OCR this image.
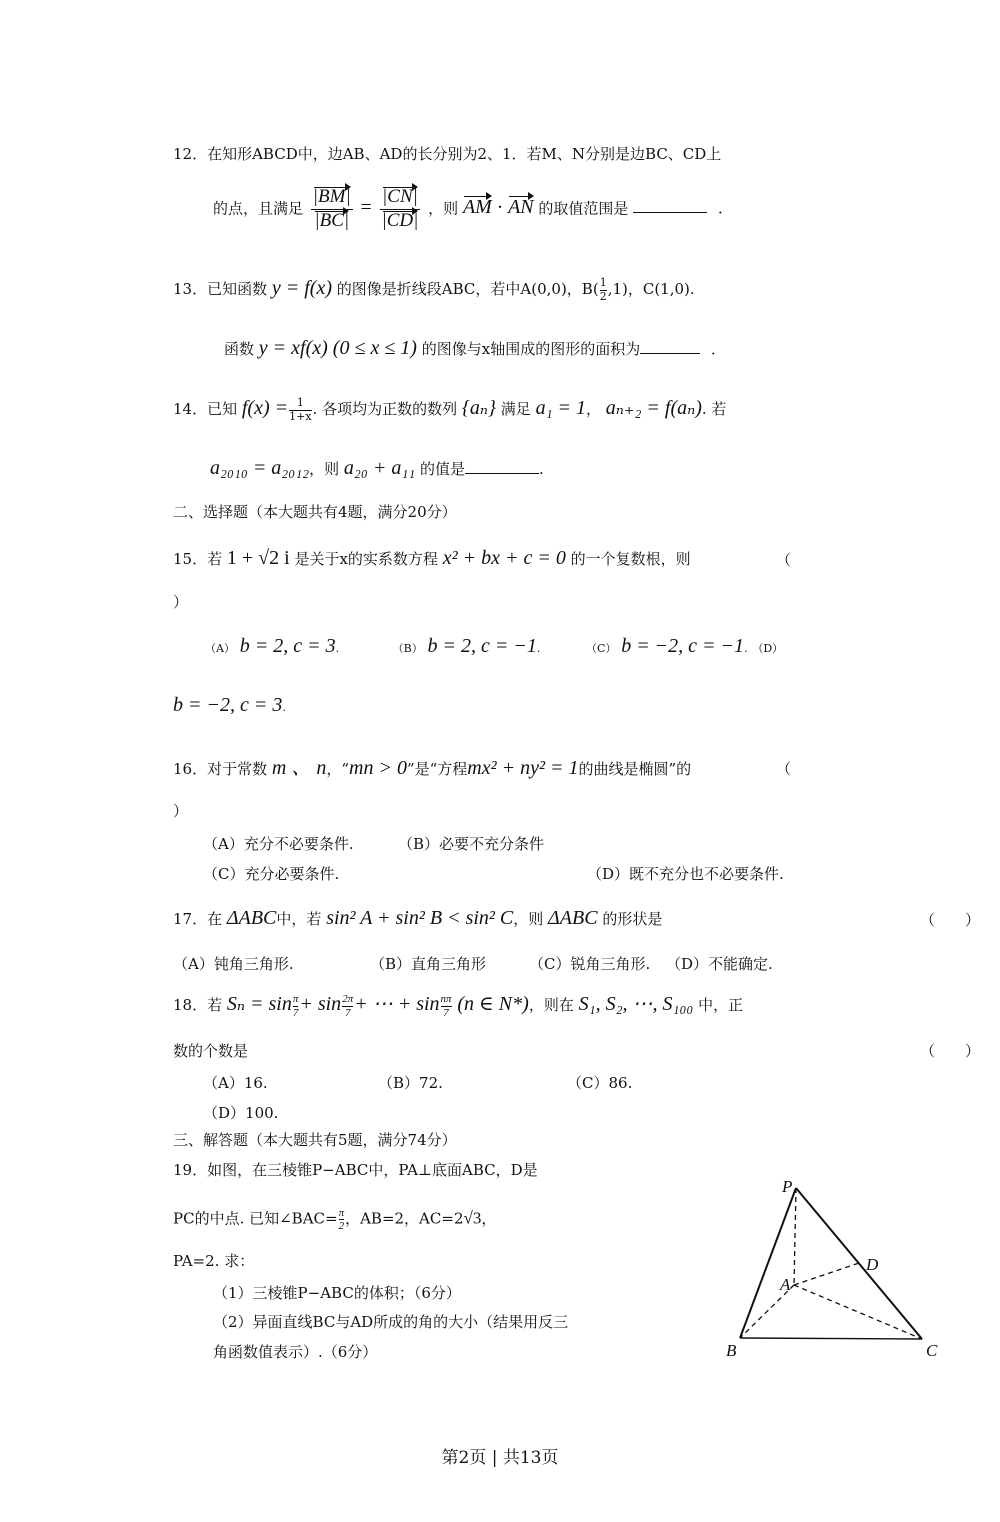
12．在知形ABCD中，边AB、AD的长分别为2、1．若M、N分别是边BC、CD上
的点，且满足 $\frac{|BM|}{|BC|} = \frac{|CN|}{|CD|}$ ，则 AM · AN 的取值范围是	．
13．已知函数 y = f(x) 的图像是折线段ABC，若中A(0,0)，$B( \frac{1}{2} ,1)$，C(1,0).
函数 y = xf(x) (0 ≤ x ≤ 1) 的图像与x轴围成的图形的面积为	．
14．已知 $f(x) = \frac{1}{1+x}$ . 各项均为正数的数列 {aₙ} 满足 a₁ = 1， aₙ₊₂ = f(aₙ). 若
a₂₀₁₀ = a₂₀₁₂，则 a₂₀ + a₁₁ 的值是	.
二、选择题（本大题共有4题，满分20分）
15．若 1 + √2 i 是关于x的实系数方程 x² + bx + c = 0 的一个复数根，则	（
）
（A） b = 2, c = 3.	（B） b = 2, c = −1.	（C） b = −2, c = −1. （D）
b = −2, c = 3.
16．对于常数 m 、 n，“mn > 0”是“方程mx² + ny² = 1的曲线是椭圆”的	（
）
（A）充分不必要条件.	（B）必要不充分条件
（C）充分必要条件.	（D）既不充分也不必要条件.
17．在 ΔABC中，若 sin² A + sin² B < sin² C，则 ΔABC 的形状是	（　　）
（A）钝角三角形.	（B）直角三角形	（C）锐角三角形. （D）不能确定.
18．若 $S_n = \sin \frac{\pi}{7} + \sin \frac{2\pi}{7}$ + ⋯ + $\sin \frac{n\pi}{7} (n$ ∈ N*)，则在 S₁, S₂, ⋯, S₁₀₀ 中，正
数的个数是	（　　）
（A）16.	（B）72.	（C）86.
（D）100.
三、解答题（本大题共有5题，满分74分）
19．如图，在三棱锥P−ABC中，PA⊥底面ABC，D是
PC的中点. 已知∠BAC= $\frac{\pi}{2}$ ，AB=2，AC=2√3，
PA=2. 求：
（1）三棱锥P−ABC的体积；（6分）
（2）异面直线BC与AD所成的角的大小（结果用反三
角函数值表示）.（6分）
P
A
B	C
D
第2页 | 共13页
